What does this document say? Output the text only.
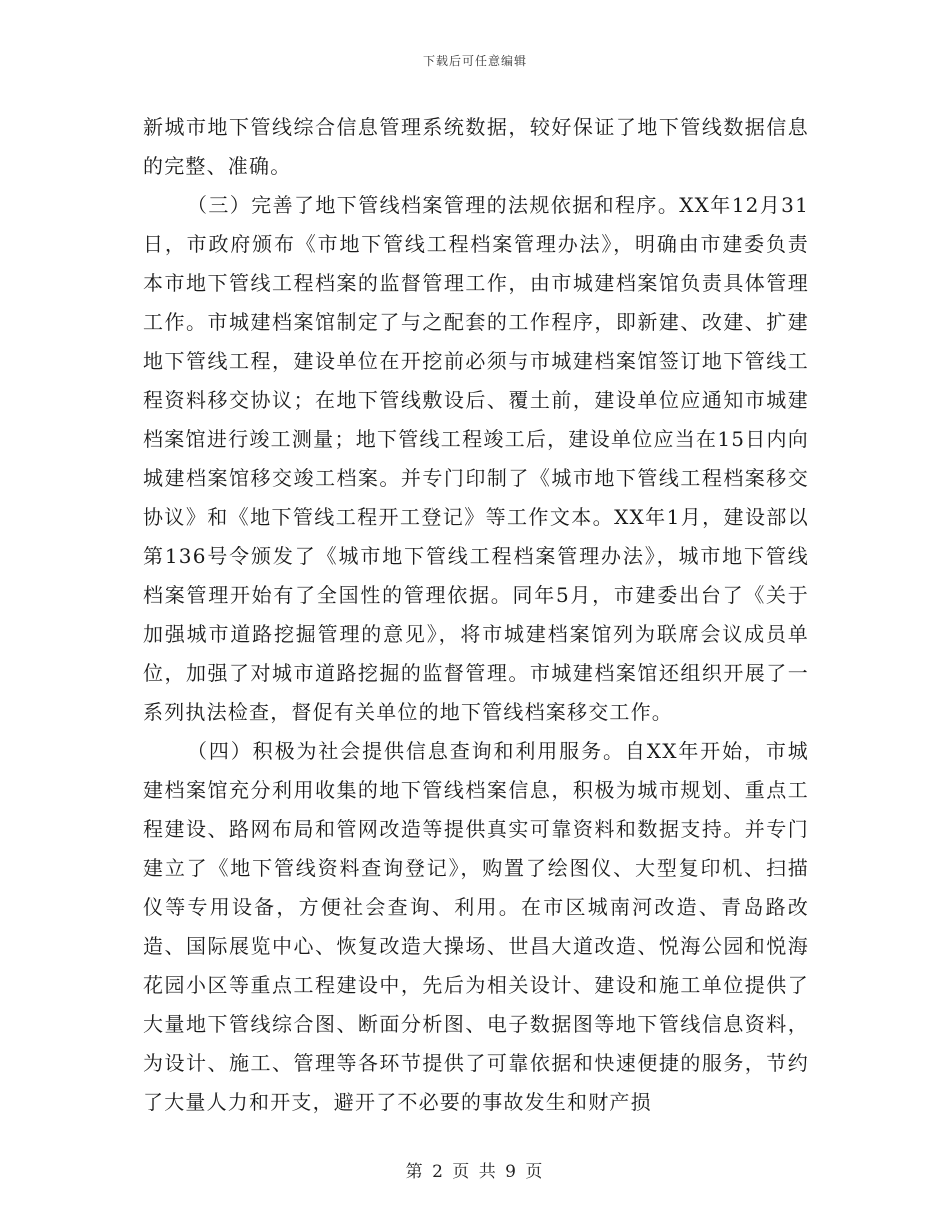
下载后可任意编辑

新城市地下管线综合信息管理系统数据，较好保证了地下管线数据信息的完整、准确。

（三）完善了地下管线档案管理的法规依据和程序。XX年12月31日，市政府颁布《市地下管线工程档案管理办法》，明确由市建委负责本市地下管线工程档案的监督管理工作，由市城建档案馆负责具体管理工作。市城建档案馆制定了与之配套的工作程序，即新建、改建、扩建地下管线工程，建设单位在开挖前必须与市城建档案馆签订地下管线工程资料移交协议；在地下管线敷设后、覆土前，建设单位应通知市城建档案馆进行竣工测量；地下管线工程竣工后，建设单位应当在15日内向城建档案馆移交竣工档案。并专门印制了《城市地下管线工程档案移交协议》和《地下管线工程开工登记》等工作文本。XX年1月，建设部以第136号令颁发了《城市地下管线工程档案管理办法》，城市地下管线档案管理开始有了全国性的管理依据。同年5月，市建委出台了《关于加强城市道路挖掘管理的意见》，将市城建档案馆列为联席会议成员单位，加强了对城市道路挖掘的监督管理。市城建档案馆还组织开展了一系列执法检查，督促有关单位的地下管线档案移交工作。

（四）积极为社会提供信息查询和利用服务。自XX年开始，市城建档案馆充分利用收集的地下管线档案信息，积极为城市规划、重点工程建设、路网布局和管网改造等提供真实可靠资料和数据支持。并专门建立了《地下管线资料查询登记》，购置了绘图仪、大型复印机、扫描仪等专用设备，方便社会查询、利用。在市区城南河改造、青岛路改造、国际展览中心、恢复改造大操场、世昌大道改造、悦海公园和悦海花园小区等重点工程建设中，先后为相关设计、建设和施工单位提供了大量地下管线综合图、断面分析图、电子数据图等地下管线信息资料，为设计、施工、管理等各环节提供了可靠依据和快速便捷的服务，节约了大量人力和开支，避开了不必要的事故发生和财产损

第 2 页 共 9 页
